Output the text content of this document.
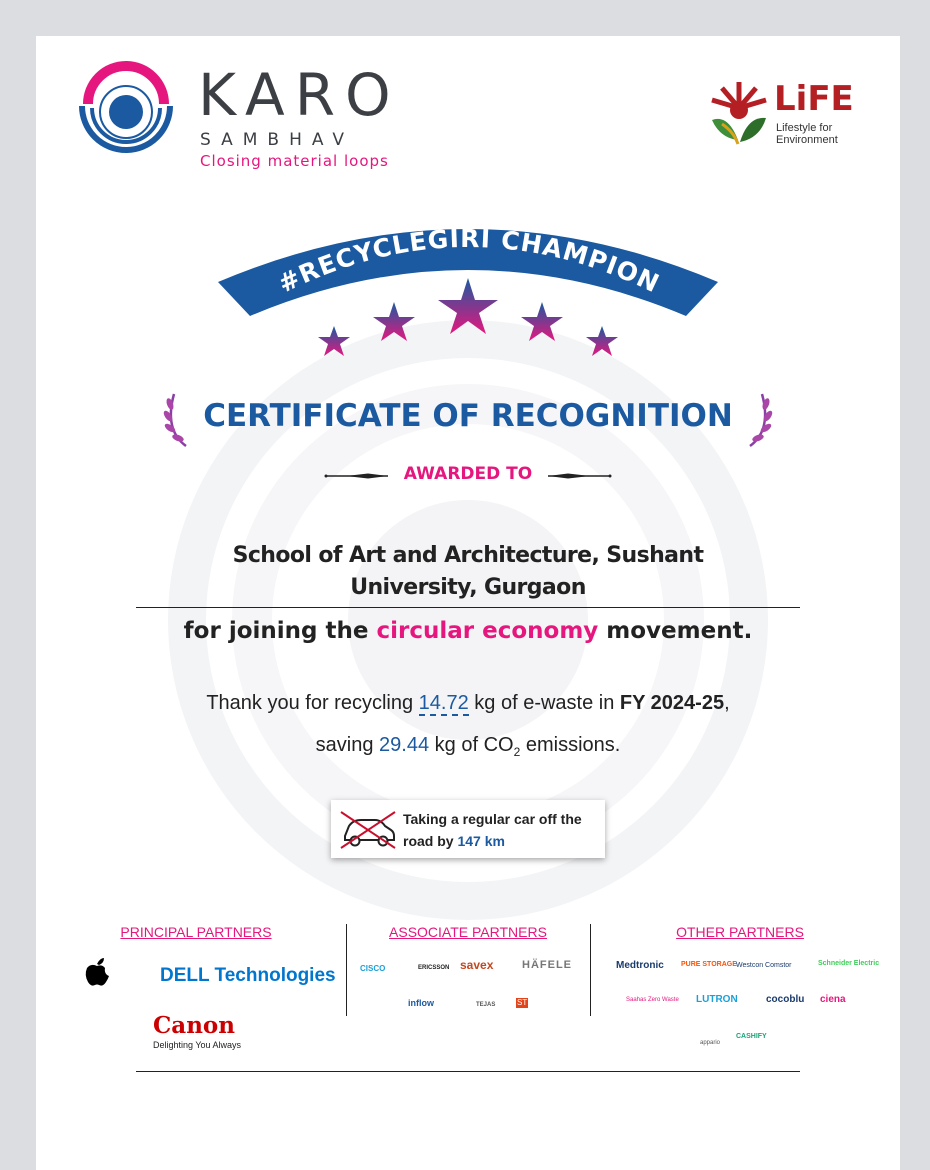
KARO
SAMBHAV
Closing material loops
LiFE
Lifestyle for Environment
#RECYCLEGIRI CHAMPION
CERTIFICATE OF RECOGNITION
AWARDED TO
School of Art and Architecture, Sushant University, Gurgaon
for joining the circular economy movement.
Thank you for recycling 14.72 kg of e-waste in FY 2024-25,
saving 29.44 kg of $CO_2$ emissions.
Taking a regular car off the road by 147 km
PRINCIPAL PARTNERS	ASSOCIATE PARTNERS	OTHER PARTNERS
DELL Technologies
Canon
Delighting You Always
CISCO	ERICSSON savex	HÄFELE
inflow	TEJAS	ST
Medtronic PURE STORAGE Westcon Comstor	Schneider Electric
Saahas Zero Waste LUTRON	cocoblu ciena
appario
CASHIFY
